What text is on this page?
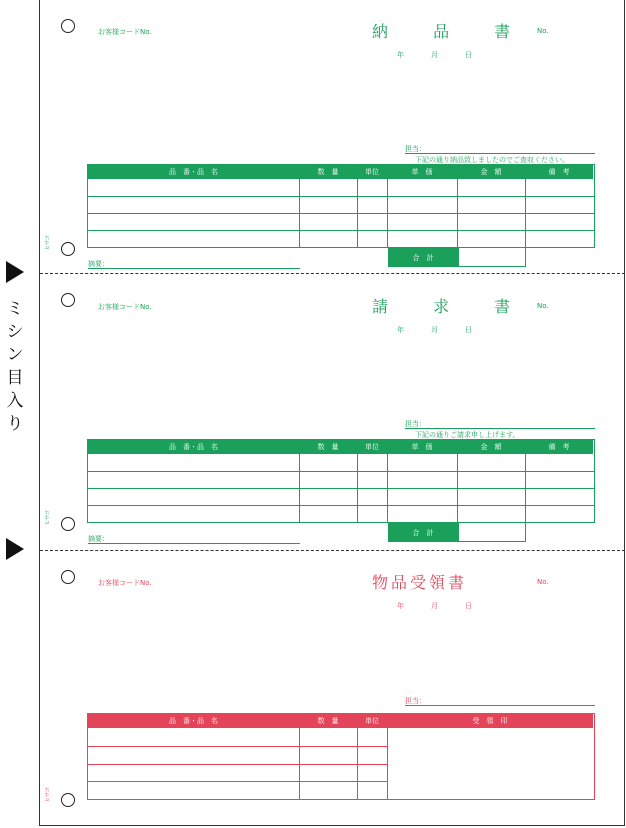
ミ
シ
ン
目
入
り
お客様コードNo.	納 品 書 No.
年	月	日
担当：
下記の通り納品致しましたのでご査収ください。
品　番・品　名	数　量	単位	単　価	金　額	備　考
合　計
摘要：
ヒサゴ
お客様コードNo.	請 求 書 No.
年	月	日
担当：
下記の通りご請求申し上げます。
品　番・品　名	数　量	単位	単　価	金　額	備　考
合　計
摘要：
ヒサゴ
お客様コードNo.	物品受領書	No.
年	月	日
担当：
品　番・品　名	数　量	単位	受　領　印
ヒサゴ
